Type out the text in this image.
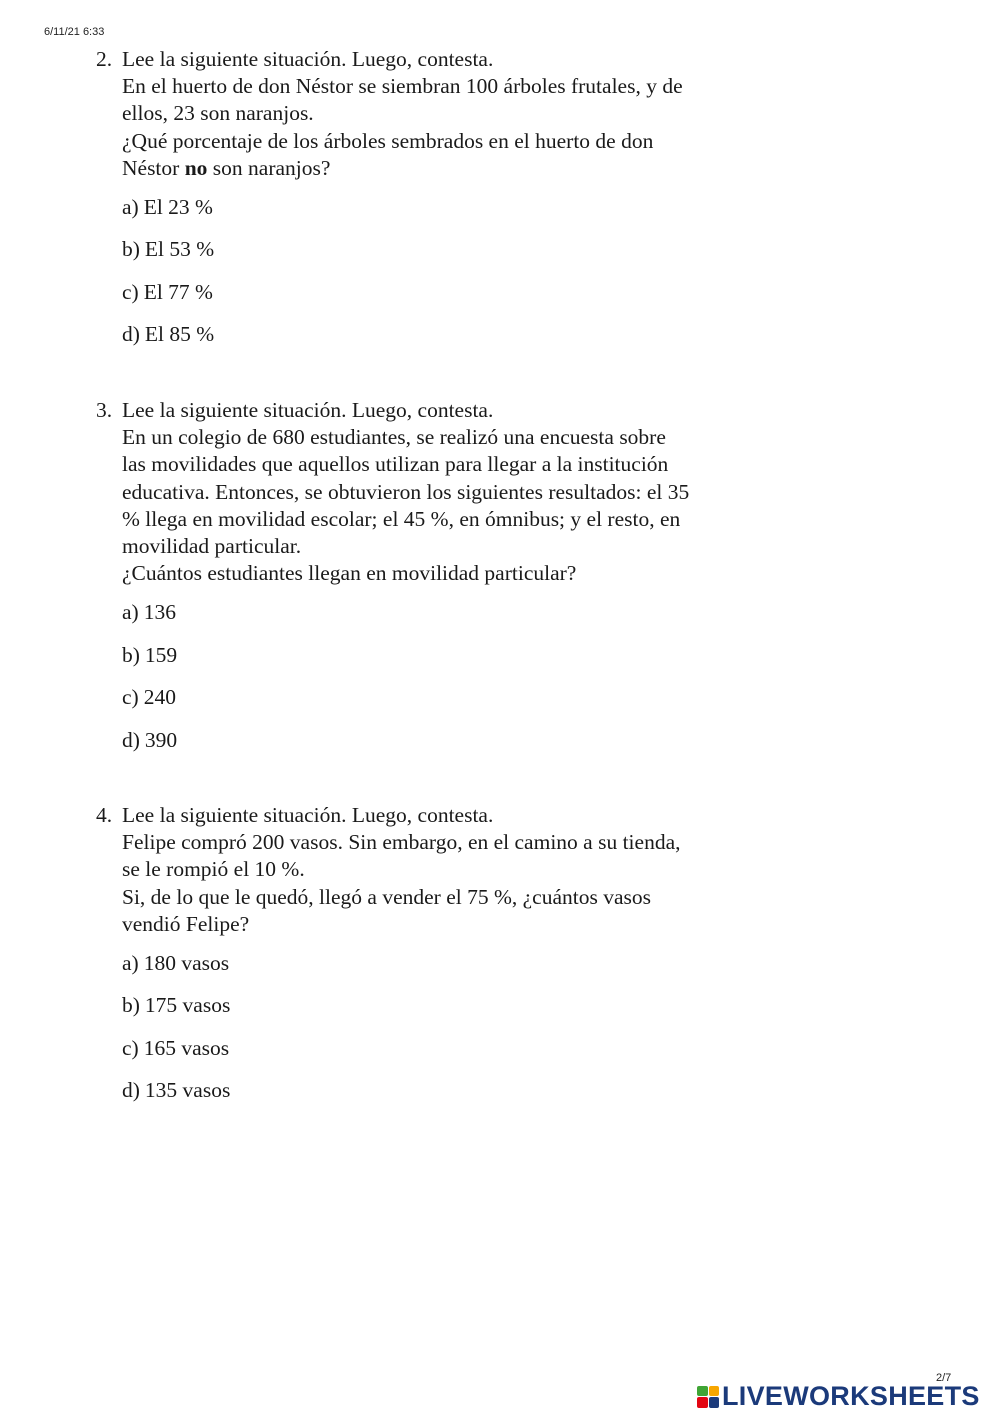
6/11/21 6:33
2. Lee la siguiente situación. Luego, contesta.
En el huerto de don Néstor se siembran 100 árboles frutales, y de
ellos, 23 son naranjos.
¿Qué porcentaje de los árboles sembrados en el huerto de don
Néstor no son naranjos?
a) El 23 %
b) El 53 %
c) El 77 %
d) El 85 %
3. Lee la siguiente situación. Luego, contesta.
En un colegio de 680 estudiantes, se realizó una encuesta sobre
las movilidades que aquellos utilizan para llegar a la institución
educativa. Entonces, se obtuvieron los siguientes resultados: el 35
% llega en movilidad escolar; el 45 %, en ómnibus; y el resto, en
movilidad particular.
¿Cuántos estudiantes llegan en movilidad particular?
a) 136
b) 159
c) 240
d) 390
4. Lee la siguiente situación. Luego, contesta.
Felipe compró 200 vasos. Sin embargo, en el camino a su tienda,
se le rompió el 10 %.
Si, de lo que le quedó, llegó a vender el 75 %, ¿cuántos vasos
vendió Felipe?
a) 180 vasos
b) 175 vasos
c) 165 vasos
d) 135 vasos
2/7
LIVEWORKSHEETS
